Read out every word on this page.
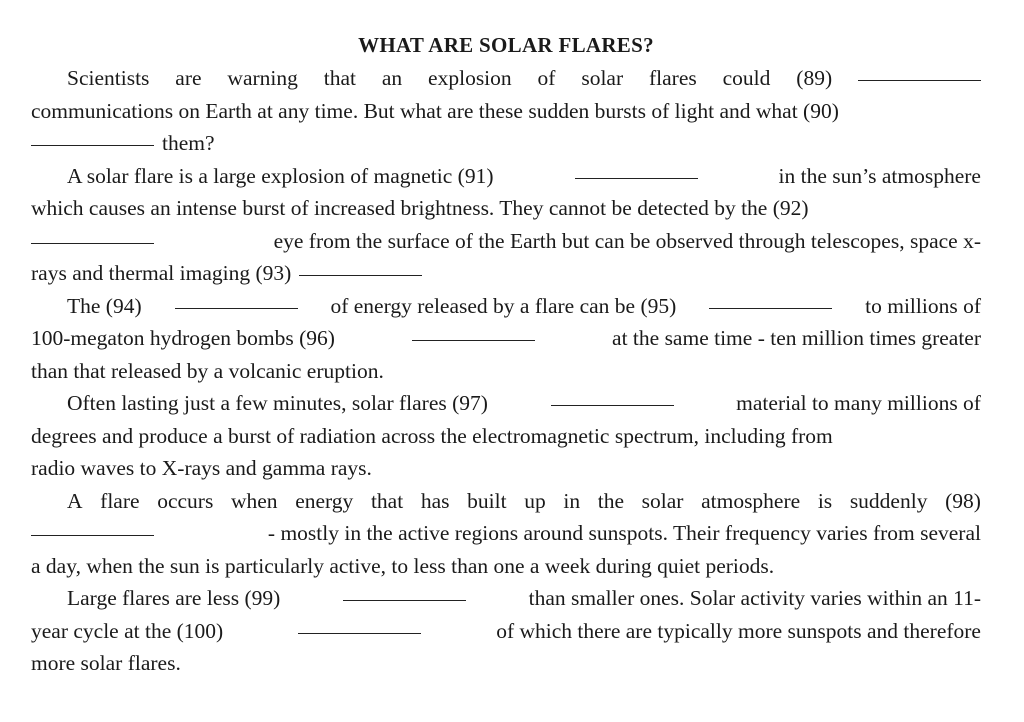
WHAT ARE SOLAR FLARES?
Scientists are warning that an explosion of solar flares could (89)
communications on Earth at any time. But what are these sudden bursts of light and what (90)
them?
A solar flare is a large explosion of magnetic (91)	in the sun’s atmosphere
which causes an intense burst of increased brightness. They cannot be detected by the (92)
eye from the surface of the Earth but can be observed through telescopes, space x-
rays and thermal imaging (93)
The (94)	of energy released by a flare can be (95)	to millions of
100-megaton hydrogen bombs (96)	at the same time - ten million times greater
than that released by a volcanic eruption.
Often lasting just a few minutes, solar flares (97)	material to many millions of
degrees and produce a burst of radiation across the electromagnetic spectrum, including from
radio waves to X-rays and gamma rays.
A flare occurs when energy that has built up in the solar atmosphere is suddenly (98)
- mostly in the active regions around sunspots. Their frequency varies from several
a day, when the sun is particularly active, to less than one a week during quiet periods.
Large flares are less (99)	than smaller ones. Solar activity varies within an 11-
year cycle at the (100)	of which there are typically more sunspots and therefore
more solar flares.
